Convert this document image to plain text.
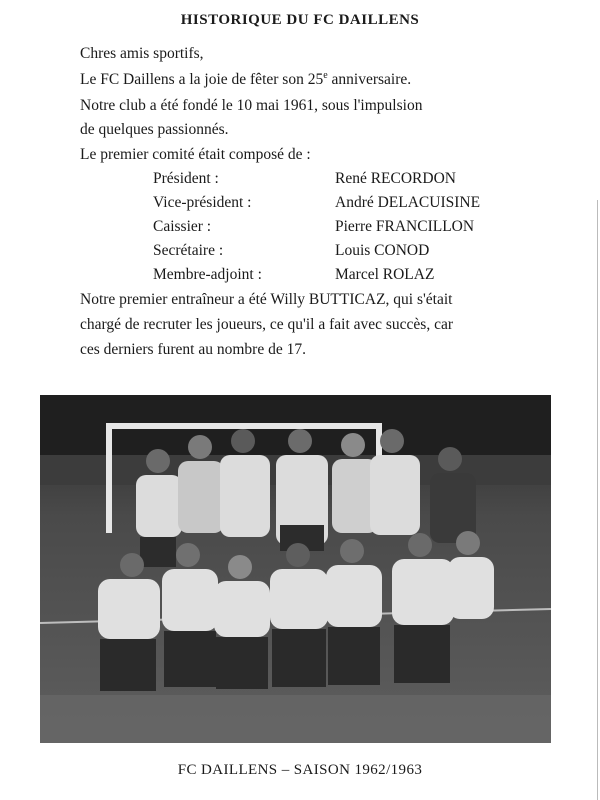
HISTORIQUE DU FC DAILLENS
Chres amis sportifs,
Le FC Daillens a la joie de fêter son 25e anniversaire.
Notre club a été fondé le 10 mai 1961, sous l'impulsion
de quelques passionnés.
Le premier comité était composé de :
Président :	René RECORDON
Vice-président :	André DELACUISINE
Caissier :	Pierre FRANCILLON
Secrétaire :	Louis CONOD
Membre-adjoint :	Marcel ROLAZ
Notre premier entraîneur a été Willy BUTTICAZ, qui s'était
chargé de recruter les joueurs, ce qu'il a fait avec succès, car
ces derniers furent au nombre de 17.
FC DAILLENS – SAISON 1962/1963
